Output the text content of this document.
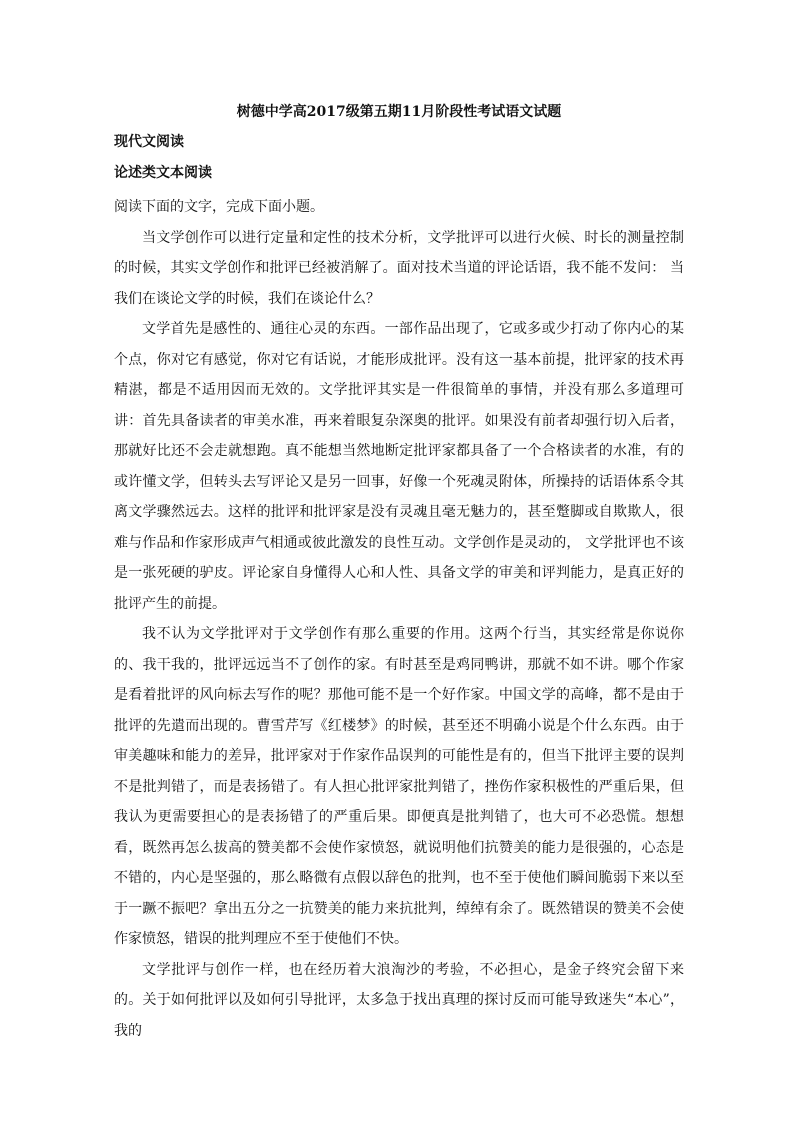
树德中学高2017级第五期11月阶段性考试语文试题
现代文阅读
论述类文本阅读

阅读下面的文字，完成下面小题。

当文学创作可以进行定量和定性的技术分析，文学批评可以进行火候、时长的测量控制的时候，其实文学创作和批评已经被消解了。面对技术当道的评论话语，我不能不发问： 当我们在谈论文学的时候，我们在谈论什么？

文学首先是感性的、通往心灵的东西。一部作品出现了，它或多或少打动了你内心的某个点，你对它有感觉，你对它有话说，才能形成批评。没有这一基本前提，批评家的技术再精湛，都是不适用因而无效的。文学批评其实是一件很简单的事情，并没有那么多道理可讲：首先具备读者的审美水准，再来着眼复杂深奥的批评。如果没有前者却强行切入后者，那就好比还不会走就想跑。真不能想当然地断定批评家都具备了一个合格读者的水准，有的或许懂文学，但转头去写评论又是另一回事，好像一个死魂灵附体，所操持的话语体系令其离文学骤然远去。这样的批评和批评家是没有灵魂且毫无魅力的，甚至蹩脚或自欺欺人，很难与作品和作家形成声气相通或彼此激发的良性互动。文学创作是灵动的， 文学批评也不该是一张死硬的驴皮。评论家自身懂得人心和人性、具备文学的审美和评判能力，是真正好的批评产生的前提。

我不认为文学批评对于文学创作有那么重要的作用。这两个行当，其实经常是你说你的、我干我的，批评远远当不了创作的家。有时甚至是鸡同鸭讲，那就不如不讲。哪个作家是看着批评的风向标去写作的呢？那他可能不是一个好作家。中国文学的高峰，都不是由于批评的先遣而出现的。曹雪芹写《红楼梦》的时候，甚至还不明确小说是个什么东西。由于审美趣味和能力的差异，批评家对于作家作品误判的可能性是有的，但当下批评主要的误判不是批判错了，而是表扬错了。有人担心批评家批判错了，挫伤作家积极性的严重后果，但我认为更需要担心的是表扬错了的严重后果。即便真是批判错了，也大可不必恐慌。想想看，既然再怎么拔高的赞美都不会使作家愤怒，就说明他们抗赞美的能力是很强的，心态是不错的，内心是坚强的，那么略微有点假以辞色的批判，也不至于使他们瞬间脆弱下来以至于一蹶不振吧？拿出五分之一抗赞美的能力来抗批判，绰绰有余了。既然错误的赞美不会使作家愤怒，错误的批判理应不至于使他们不快。

文学批评与创作一样，也在经历着大浪淘沙的考验，不必担心，是金子终究会留下来的。关于如何批评以及如何引导批评，太多急于找出真理的探讨反而可能导致迷失“本心”，我的
